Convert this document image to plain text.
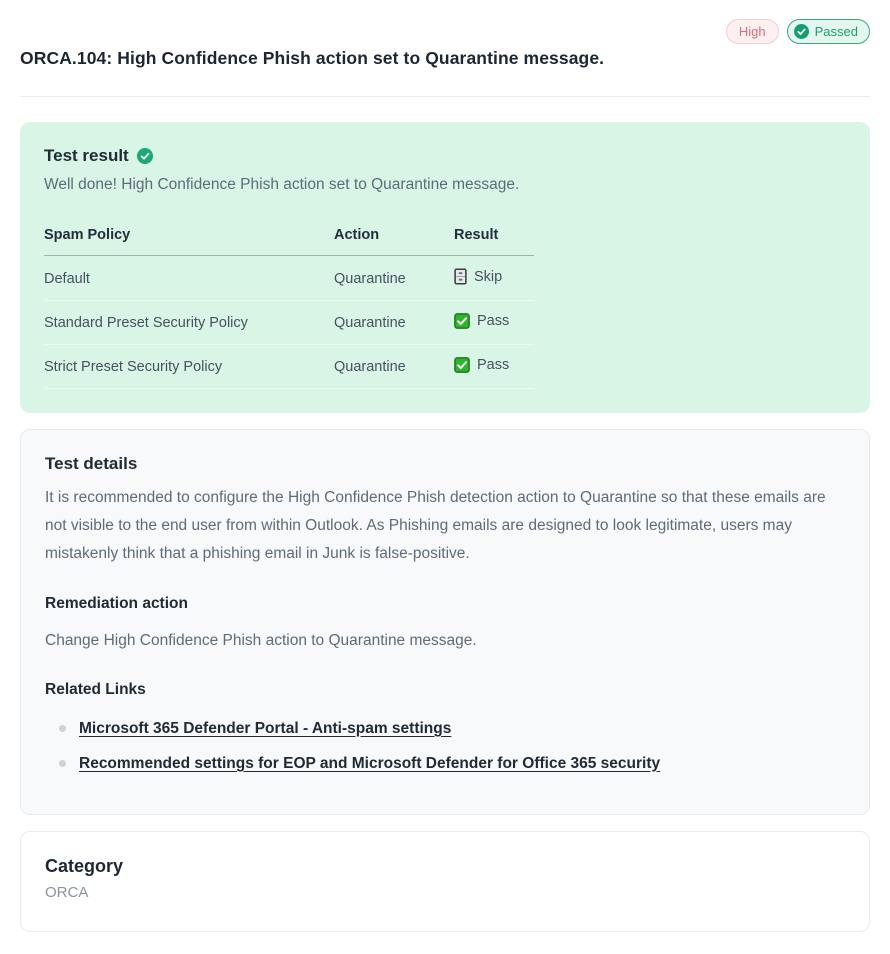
High	Passed
ORCA.104: High Confidence Phish action set to Quarantine message.
Test result

Well done! High Confidence Phish action set to Quarantine message.

Spam Policy	Action	Result
Default	Quarantine	Skip

Standard Preset Security Policy	Quarantine	Pass

Strict Preset Security Policy	Quarantine	Pass
Test details

It is recommended to configure the High Confidence Phish detection action to Quarantine so that these emails are not visible to the end user from within Outlook. As Phishing emails are designed to look legitimate, users may mistakenly think that a phishing email in Junk is false-positive.

Remediation action

Change High Confidence Phish action to Quarantine message.

Related Links
Microsoft 365 Defender Portal - Anti-spam settings
Recommended settings for EOP and Microsoft Defender for Office 365 security
Category

ORCA
